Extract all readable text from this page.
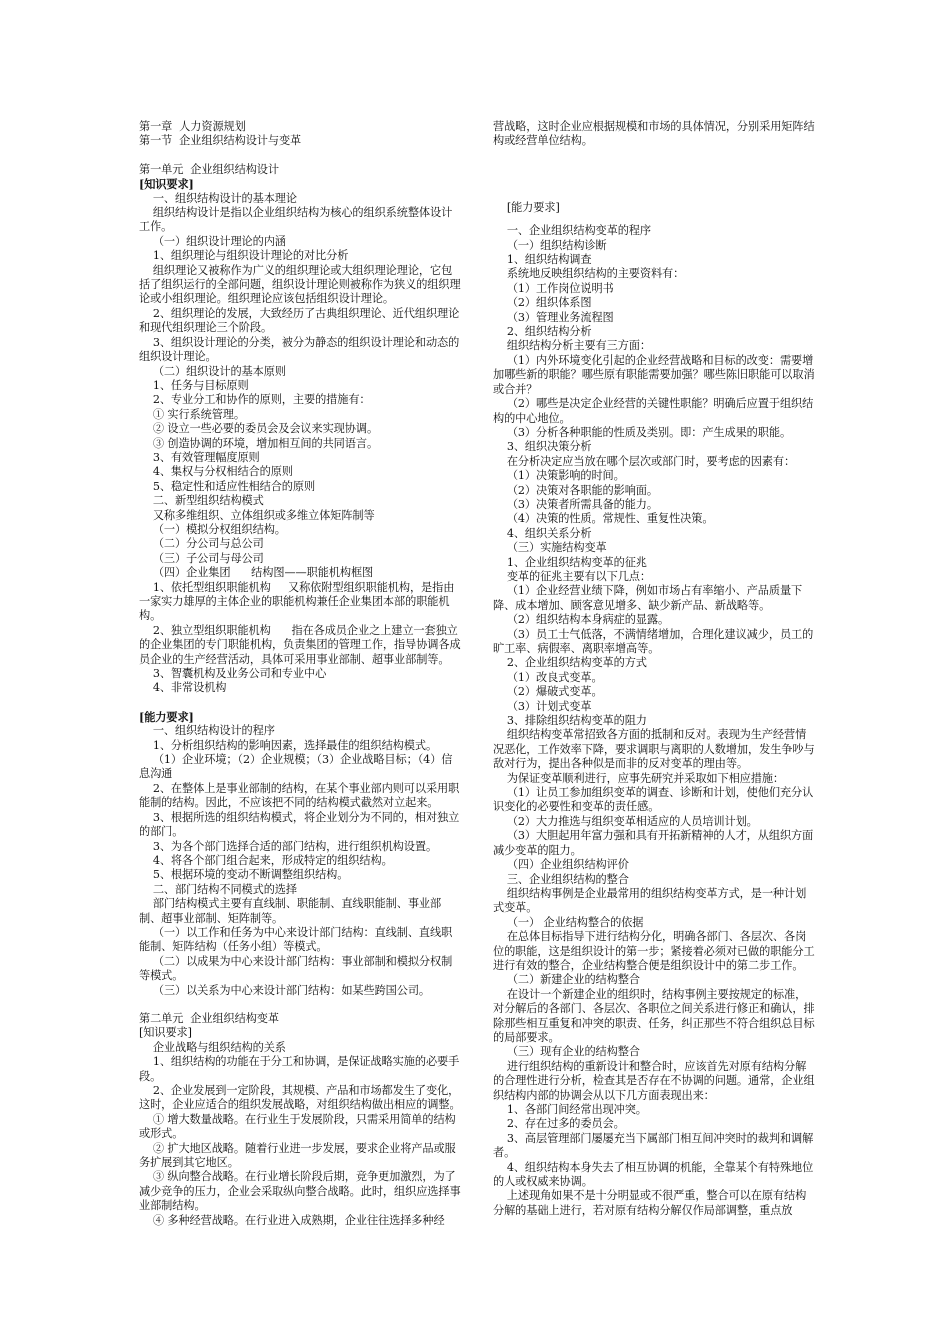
第一章  人力资源规划
第一节  企业组织结构设计与变革
第一单元  企业组织结构设计
[知识要求]
一、组织结构设计的基本理论
组织结构设计是指以企业组织结构为核心的组织系统整体设计工作。
（一）组织设计理论的内涵
1、组织理论与组织设计理论的对比分析
组织理论又被称作为广义的组织理论或大组织理论理论，它包括了组织运行的全部问题，组织设计理论则被称作为狭义的组织理论或小组织理论。组织理论应该包括组织设计理论。
2、组织理论的发展，大致经历了古典组织理论、近代组织理论和现代组织理论三个阶段。
3、组织设计理论的分类，被分为静态的组织设计理论和动态的组织设计理论。
（二）组织设计的基本原则
1、任务与目标原则
2、专业分工和协作的原则，主要的措施有：
① 实行系统管理。
② 设立一些必要的委员会及会议来实现协调。
③ 创造协调的环境，增加相互间的共同语言。
3、有效管理幅度原则
4、集权与分权相结合的原则
5、稳定性和适应性相结合的原则
二、新型组织结构模式
又称多维组织、立体组织或多维立体矩阵制等
（一）模拟分权组织结构。
（二）分公司与总公司
（三）子公司与母公司
（四）企业集团      结构图——职能机构框图
1、依托型组织职能机构     又称依附型组织职能机构，是指由一家实力雄厚的主体企业的职能机构兼任企业集团本部的职能机构。
2、独立型组织职能机构      指在各成员企业之上建立一套独立的企业集团的专门职能机构，负责集团的管理工作，指导协调各成员企业的生产经营活动，具体可采用事业部制、超事业部制等。
3、智囊机构及业务公司和专业中心
4、非常设机构
[能力要求]
一、组织结构设计的程序
1、分析组织结构的影响因素，选择最佳的组织结构模式。
（1）企业环境；（2）企业规模；（3）企业战略目标；（4）信息沟通
2、在整体上是事业部制的结构，在某个事业部内则可以采用职能制的结构。因此，不应该把不同的结构模式截然对立起来。
3、根据所选的组织结构模式，将企业划分为不同的，相对独立的部门。
3、为各个部门选择合适的部门结构，进行组织机构设置。
4、将各个部门组合起来，形成特定的组织结构。
5、根据环境的变动不断调整组织结构。
二、部门结构不同模式的选择
部门结构模式主要有直线制、职能制、直线职能制、事业部制、超事业部制、矩阵制等。
（一）以工作和任务为中心来设计部门结构：直线制、直线职能制、矩阵结构（任务小组）等模式。
（二）以成果为中心来设计部门结构：事业部制和模拟分权制等模式。
（三）以关系为中心来设计部门结构：如某些跨国公司。
第二单元  企业组织结构变革
[知识要求]
企业战略与组织结构的关系
1、组织结构的功能在于分工和协调，是保证战略实施的必要手段。
2、企业发展到一定阶段，其规模、产品和市场都发生了变化，这时，企业应适合的组织发展战略，对组织结构做出相应的调整。
① 增大数量战略。在行业生于发展阶段，只需采用简单的结构或形式。
② 扩大地区战略。随着行业进一步发展，要求企业将产品或服务扩展到其它地区。
③ 纵向整合战略。在行业增长阶段后期，竞争更加激烈，为了减少竞争的压力，企业会采取纵向整合战略。此时，组织应选择事业部制结构。
④ 多种经营战略。在行业进入成熟期，企业往往选择多种经
营战略，这时企业应根据规模和市场的具体情况，分别采用矩阵结构或经营单位结构。
[能力要求]
一、企业组织结构变革的程序
（一）组织结构诊断
1、组织结构调查
系统地反映组织结构的主要资料有：
（1）工作岗位说明书
（2）组织体系图
（3）管理业务流程图
2、组织结构分析
组织结构分析主要有三方面：
（1）内外环境变化引起的企业经营战略和目标的改变：需要增加哪些新的职能？哪些原有职能需要加强？哪些陈旧职能可以取消或合并？
（2）哪些是决定企业经营的关键性职能？明确后应置于组织结构的中心地位。
（3）分析各种职能的性质及类别。即：产生成果的职能。
3、组织决策分析
在分析决定应当放在哪个层次或部门时，要考虑的因素有：
（1）决策影响的时间。
（2）决策对各职能的影响面。
（3）决策者所需具备的能力。
（4）决策的性质。常规性、重复性决策。
4、组织关系分析
（三）实施结构变革
1、企业组织结构变革的征兆
变革的征兆主要有以下几点：
（1）企业经营业绩下降，例如市场占有率缩小、产品质量下降、成本增加、顾客意见增多、缺少新产品、新战略等。
（2）组织结构本身病症的显露。
（3）员工士气低落，不满情绪增加，合理化建议减少，员工的旷工率、病假率、离职率增高等。
2、企业组织结构变革的方式
（1）改良式变革。
（2）爆破式变革。
（3）计划式变革
3、排除组织结构变革的阻力
组织结构变革常招致各方面的抵制和反对。表现为生产经营情况恶化，工作效率下降，要求调职与离职的人数增加，发生争吵与敌对行为，提出各种似是而非的反对变革的理由等。
为保证变革顺利进行，应事先研究并采取如下相应措施：
（1）让员工参加组织变革的调查、诊断和计划，使他们充分认识变化的必要性和变革的责任感。
（2）大力推选与组织变革相适应的人员培训计划。
（3）大胆起用年富力强和具有开拓新精神的人才，从组织方面减少变革的阻力。
（四）企业组织结构评价
三、企业组织结构的整合
组织结构事例是企业最常用的组织结构变革方式，是一种计划式变革。
（一） 企业结构整合的依据
在总体目标指导下进行结构分化，明确各部门、各层次、各岗位的职能，这是组织设计的第一步；紧接着必须对已做的职能分工进行有效的整合，企业结构整合便是组织设计中的第二步工作。
（二）新建企业的结构整合
在设计一个新建企业的组织时，结构事例主要按规定的标准，对分解后的各部门、各层次、各职位之间关系进行修正和确认，排除那些相互重复和冲突的职责、任务，纠正那些不符合组织总目标的局部要求。
（三）现有企业的结构整合
进行组织结构的重新设计和整合时，应该首先对原有结构分解的合理性进行分析，检查其是否存在不协调的问题。通常，企业组织结构内部的协调会从以下几方面表现出来：
1、各部门间经常出现冲突。
2、存在过多的委员会。
3、高层管理部门屡屡充当下属部门相互间冲突时的裁判和调解者。
4、组织结构本身失去了相互协调的机能，全靠某个有特殊地位的人或权威来协调。
上述现角如果不是十分明显或不很严重，整合可以在原有结构分解的基础上进行，若对原有结构分解仅作局部调整，重点放
